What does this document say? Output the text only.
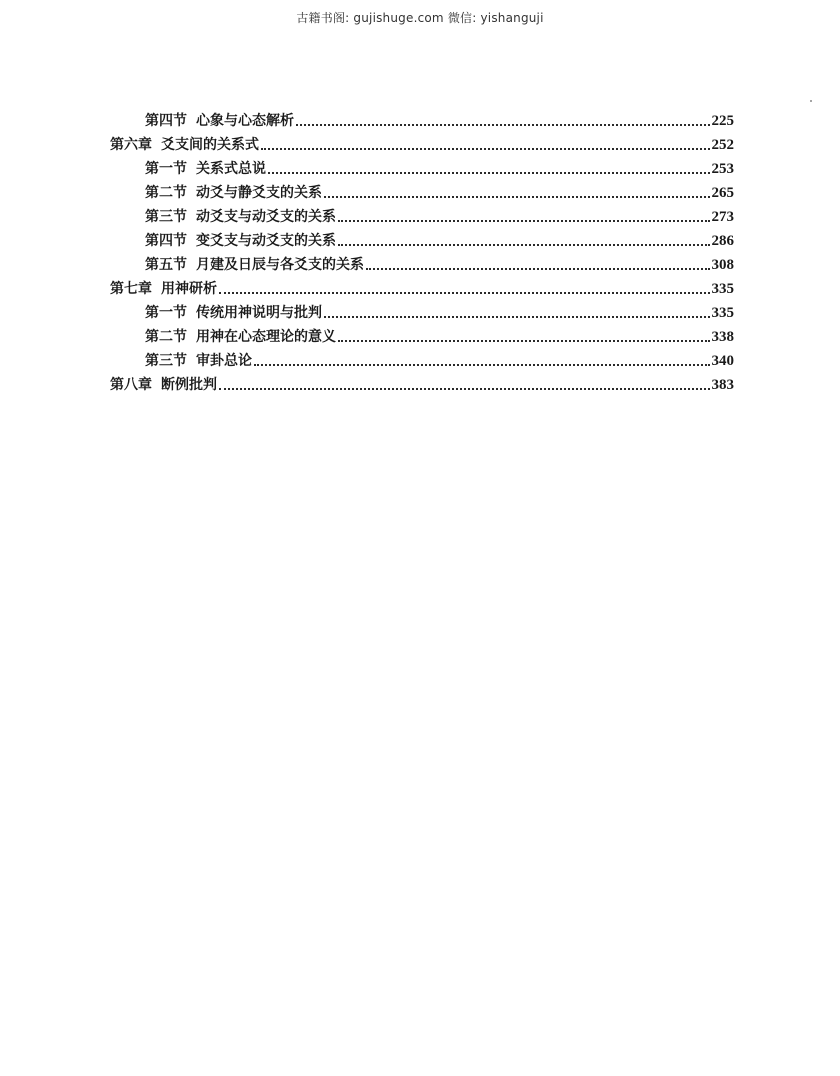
古籍书阁: gujishuge.com 微信: yishanguji
第四节 心象与心态解析	225
第六章 爻支间的关系式	252
第一节 关系式总说	253
第二节 动爻与静爻支的关系	265
第三节 动爻支与动爻支的关系	273
第四节 变爻支与动爻支的关系	286
第五节 月建及日辰与各爻支的关系	308
第七章 用神研析	335
第一节 传统用神说明与批判	335
第二节 用神在心态理论的意义	338
第三节 审卦总论	340
第八章 断例批判	383
